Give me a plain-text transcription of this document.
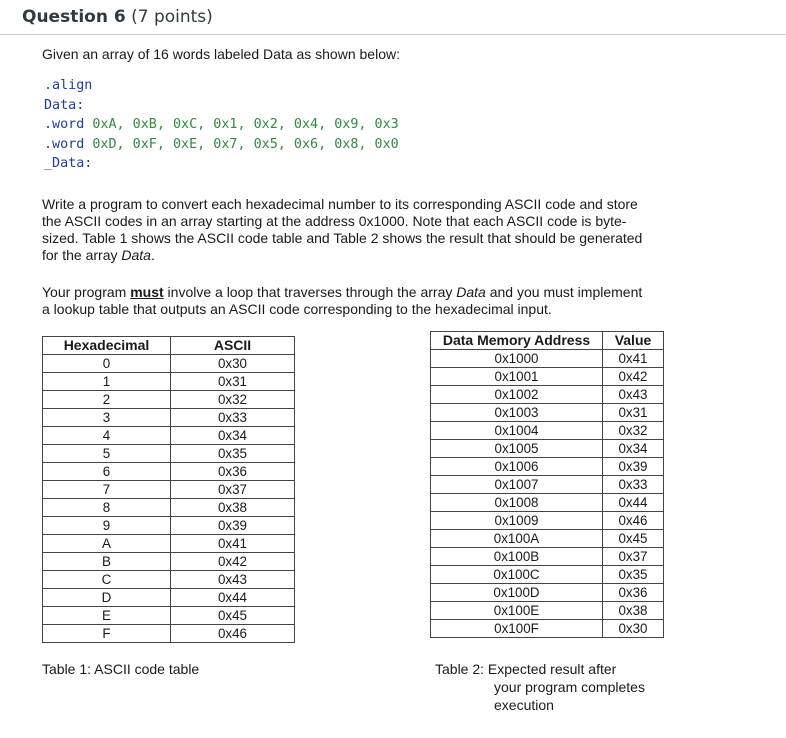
Question 6 (7 points)
Given an array of 16 words labeled Data as shown below:
.align
Data:
.word 0xA, 0xB, 0xC, 0x1, 0x2, 0x4, 0x9, 0x3
.word 0xD, 0xF, 0xE, 0x7, 0x5, 0x6, 0x8, 0x0
_Data:
Write a program to convert each hexadecimal number to its corresponding ASCII code and store
the ASCII codes in an array starting at the address 0x1000. Note that each ASCII code is byte-
sized. Table 1 shows the ASCII code table and Table 2 shows the result that should be generated
for the array Data.
Your program must involve a loop that traverses through the array Data and you must implement
a lookup table that outputs an ASCII code corresponding to the hexadecimal input.
Hexadecimal	ASCII
0	0x30
1	0x31
2	0x32
3	0x33
4	0x34
5	0x35
6	0x36
7	0x37
8	0x38
9	0x39
A	0x41
B	0x42
C	0x43
D	0x44
E	0x45
F	0x46
Data Memory Address	Value
0x1000	0x41
0x1001	0x42
0x1002	0x43
0x1003	0x31
0x1004	0x32
0x1005	0x34
0x1006	0x39
0x1007	0x33
0x1008	0x44
0x1009	0x46
0x100A	0x45
0x100B	0x37
0x100C	0x35
0x100D	0x36
0x100E	0x38
0x100F	0x30
Table 1: ASCII code table	Table 2: Expected result after
your program completes
execution
